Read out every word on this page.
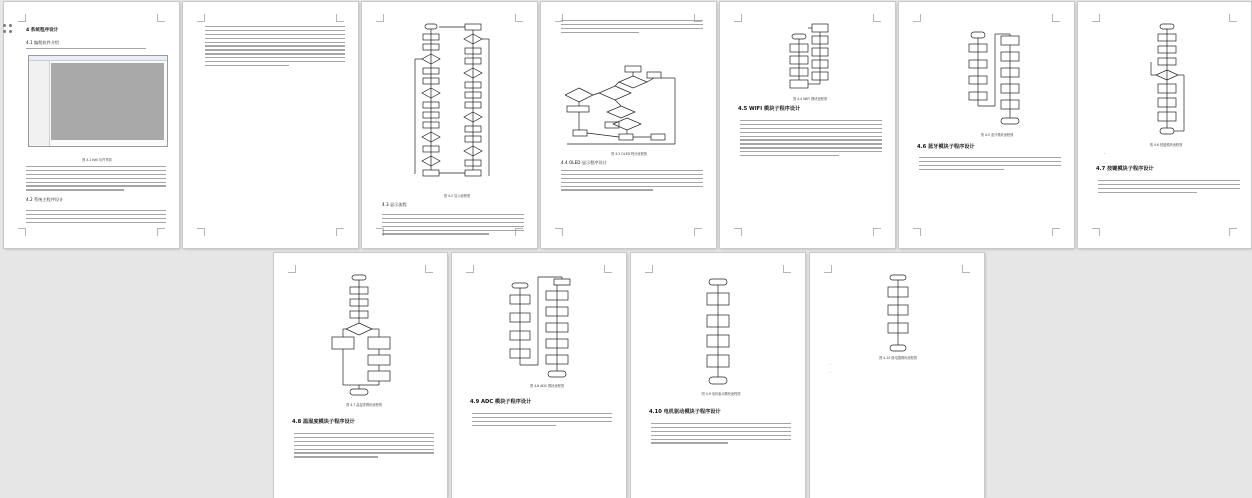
4 系统程序设计
4.1 编程软件介绍
图 4.1 Keil 软件界面
4.2 系统主程序设计
图 4.2 显示流程图
4.3 显示流程
图 4.3 OLED 程序流程图
4.4 OLED 显示程序设计
图 4.4 WIFI 模块流程图
4.5 WIFI 模块子程序设计
图 4.5 蓝牙模块流程图
4.6 蓝牙模块子程序设计	图 4.6 按键模块流程图
·
4.7 按键模块子程序设计
图 4.7 温湿度模块流程图
4.8 温湿度模块子程序设计
图 4.8 ADC 模块流程图
4.9 ADC 模块子程序设计
图 4.9 电机驱动模块流程图
4.10 电机驱动模块子程序设计
图 4.10 继电器模块流程图
·
·
